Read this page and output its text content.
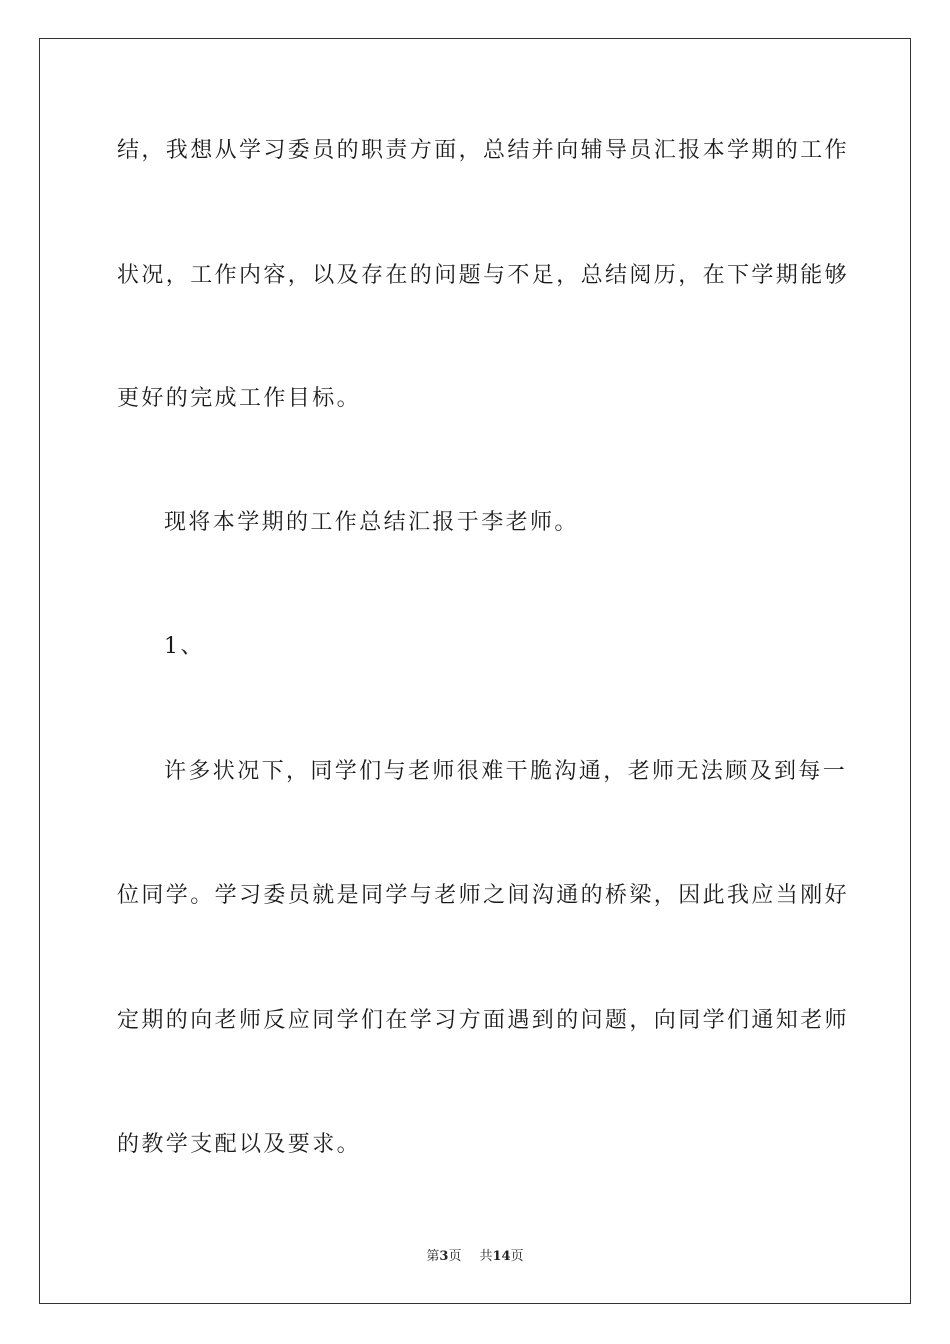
结，我想从学习委员的职责方面，总结并向辅导员汇报本学期的工作
状况，工作内容，以及存在的问题与不足，总结阅历，在下学期能够
更好的完成工作目标。
现将本学期的工作总结汇报于李老师。
1、
许多状况下，同学们与老师很难干脆沟通，老师无法顾及到每一
位同学。学习委员就是同学与老师之间沟通的桥梁，因此我应当刚好
定期的向老师反应同学们在学习方面遇到的问题，向同学们通知老师
的教学支配以及要求。
第3页 共14页
